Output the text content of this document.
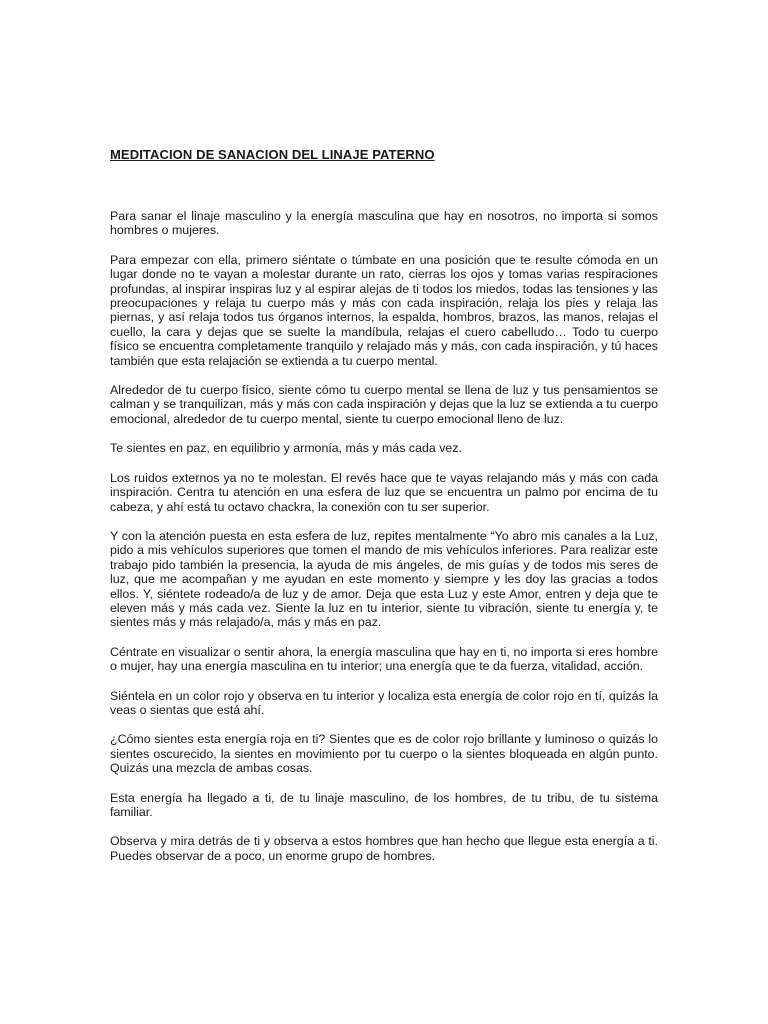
MEDITACION DE SANACION DEL LINAJE PATERNO

Para sanar el linaje masculino y la energía masculina que hay en nosotros, no importa si somos hombres o mujeres.

Para empezar con ella, primero siéntate o túmbate en una posición que te resulte cómoda en un lugar donde no te vayan a molestar durante un rato, cierras los ojos y tomas varias respiraciones profundas, al inspirar inspiras luz y al espirar alejas de ti todos los miedos, todas las tensiones y las preocupaciones y relaja tu cuerpo más y más con cada inspiración, relaja los pies y relaja las piernas, y así relaja todos tus órganos internos, la espalda, hombros, brazos, las manos, relajas el cuello, la cara y dejas que se suelte la mandíbula, relajas el cuero cabelludo… Todo tu cuerpo físico se encuentra completamente tranquilo y relajado más y más, con cada inspiración, y tú haces también que esta relajación se extienda a tu cuerpo mental.

Alrededor de tu cuerpo físico, siente cómo tu cuerpo mental se llena de luz y tus pensamientos se calman y se tranquilizan, más y más con cada inspiración y dejas que la luz se extienda a tu cuerpo emocional, alrededor de tu cuerpo mental, siente tu cuerpo emocional lleno de luz.

Te sientes en paz, en equilibrio y armonía, más y más cada vez.

Los ruidos externos ya no te molestan. El revés hace que te vayas relajando más y más con cada inspiración. Centra tu atención en una esfera de luz que se encuentra un palmo por encima de tu cabeza, y ahí está tu octavo chackra, la conexión con tu ser superior.

Y con la atención puesta en esta esfera de luz, repites mentalmente “Yo abro mis canales a la Luz, pido a mis vehículos superiores que tomen el mando de mis vehículos inferiores. Para realizar este trabajo pido también la presencia, la ayuda de mis ángeles, de mis guías y de todos mis seres de luz, que me acompañan y me ayudan en este momento y siempre y les doy las gracias a todos ellos. Y, siéntete rodeado/a de luz y de amor. Deja que esta Luz y este Amor, entren y deja que te eleven más y más cada vez. Siente la luz en tu interior, siente tu vibración, siente tu energía y, te sientes más y más relajado/a, más y más en paz.

Céntrate en visualizar o sentir ahora, la energía masculina que hay en ti, no importa si eres hombre o mujer, hay una energía masculina en tu interior; una energía que te da fuerza, vitalidad, acción.

Siéntela en un color rojo y observa en tu interior y localiza esta energía de color rojo en tí, quizás la veas o sientas que está ahí.

¿Cómo sientes esta energía roja en ti? Sientes que es de color rojo brillante y luminoso o quizás lo sientes oscurecido, la sientes en movimiento por tu cuerpo o la sientes bloqueada en algún punto. Quizás una mezcla de ambas cosas.

Esta energía ha llegado a ti, de tu linaje masculino, de los hombres, de tu tribu, de tu sistema familiar.

Observa y mira detrás de ti y observa a estos hombres que han hecho que llegue esta energía a ti. Puedes observar de a poco, un enorme grupo de hombres.
